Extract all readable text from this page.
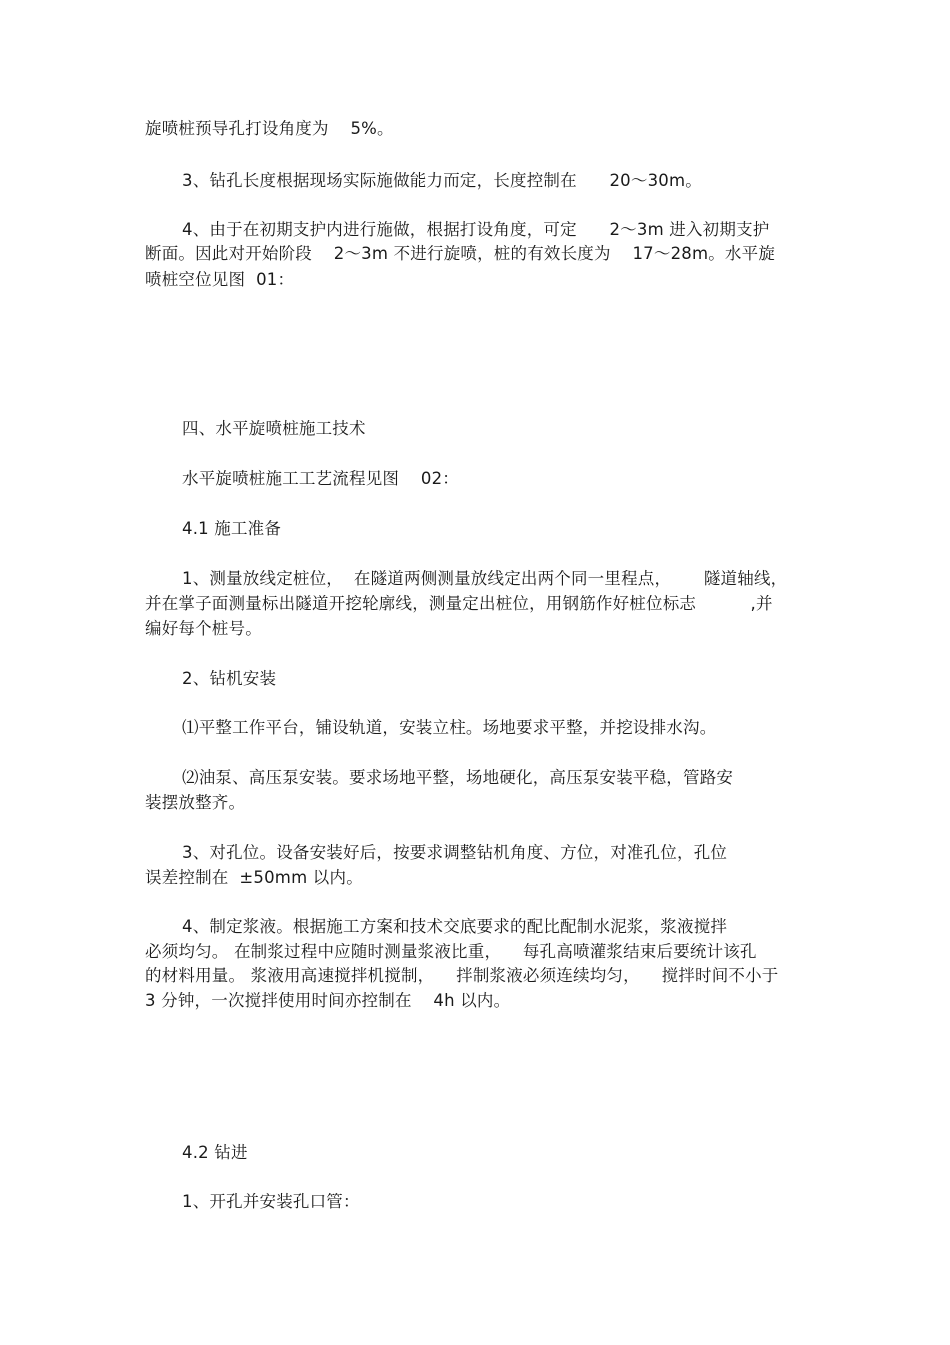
旋喷桩预导孔打设角度为    5%。
3、钻孔长度根据现场实际施做能力而定，长度控制在      20～30m。
4、由于在初期支护内进行施做，根据打设角度，可定      2～3m 进入初期支护
断面。因此对开始阶段    2～3m 不进行旋喷，桩的有效长度为    17～28m。水平旋
喷桩空位见图  01：
四、水平旋喷桩施工技术
水平旋喷桩施工工艺流程见图    02：
4.1 施工准备
1、测量放线定桩位，  在隧道两侧测量放线定出两个同一里程点，      隧道轴线，
并在掌子面测量标出隧道开挖轮廓线，测量定出桩位，用钢筋作好桩位标志          ,并
编好每个桩号。
2、钻机安装
⑴平整工作平台，铺设轨道，安装立柱。场地要求平整，并挖设排水沟。
⑵油泵、高压泵安装。要求场地平整，场地硬化，高压泵安装平稳，管路安
装摆放整齐。
3、对孔位。设备安装好后，按要求调整钻机角度、方位，对准孔位，孔位
误差控制在  ±50mm 以内。
4、制定浆液。根据施工方案和技术交底要求的配比配制水泥浆，浆液搅拌
必须均匀。 在制浆过程中应随时测量浆液比重，    每孔高喷灌浆结束后要统计该孔
的材料用量。 浆液用高速搅拌机搅制，    拌制浆液必须连续均匀，    搅拌时间不小于
3 分钟，一次搅拌使用时间亦控制在    4h 以内。
4.2 钻进
1、开孔并安装孔口管：
